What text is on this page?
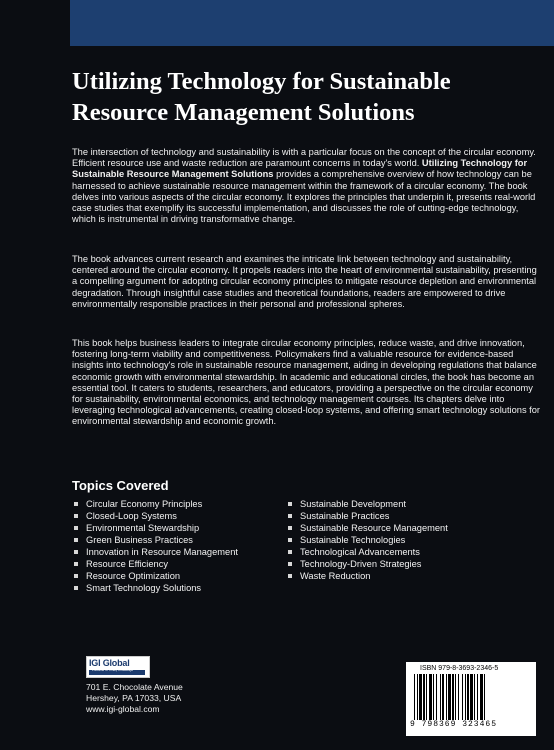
Utilizing Technology for Sustainable Resource Management Solutions

The intersection of technology and sustainability is with a particular focus on the concept of the circular economy. Efficient resource use and waste reduction are paramount concerns in today's world. Utilizing Technology for Sustainable Resource Management Solutions provides a comprehensive overview of how technology can be harnessed to achieve sustainable resource management within the framework of a circular economy. The book delves into various aspects of the circular economy. It explores the principles that underpin it, presents real-world case studies that exemplify its successful implementation, and discusses the role of cutting-edge technology, which is instrumental in driving transformative change.

The book advances current research and examines the intricate link between technology and sustainability, centered around the circular economy. It propels readers into the heart of environmental sustainability, presenting a compelling argument for adopting circular economy principles to mitigate resource depletion and environmental degradation. Through insightful case studies and theoretical foundations, readers are empowered to drive environmentally responsible practices in their personal and professional spheres.

This book helps business leaders to integrate circular economy principles, reduce waste, and drive innovation, fostering long-term viability and competitiveness. Policymakers find a valuable resource for evidence-based insights into technology's role in sustainable resource management, aiding in developing regulations that balance economic growth with environmental stewardship. In academic and educational circles, the book has become an essential tool. It caters to students, researchers, and educators, providing a perspective on the circular economy for sustainability, environmental economics, and technology management courses. Its chapters delve into leveraging technological advancements, creating closed-loop systems, and offering smart technology solutions for environmental stewardship and economic growth.

Topics Covered
Circular Economy Principles
Closed-Loop Systems
Environmental Stewardship
Green Business Practices
Innovation in Resource Management
Resource Efficiency
Resource Optimization
Smart Technology Solutions
Sustainable Development
Sustainable Practices
Sustainable Resource Management
Sustainable Technologies
Technological Advancements
Technology-Driven Strategies
Waste Reduction
IGI Global
Publisher of Timely Knowledge

701 E. Chocolate Avenue
Hershey, PA 17033, USA
www.igi-global.com

ISBN 979-8-3693-2346-5
9 798369 323465
